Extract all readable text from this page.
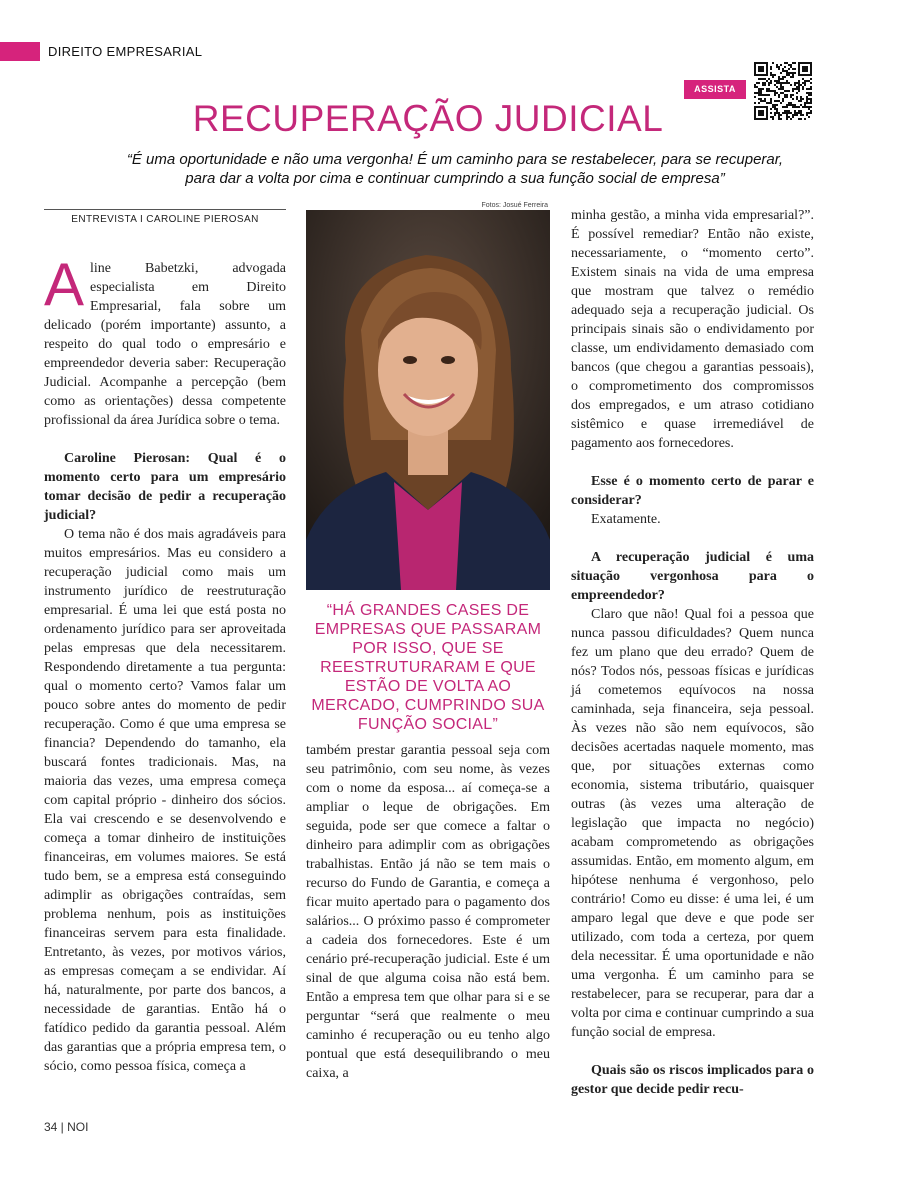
DIREITO EMPRESARIAL
ASSISTA
RECUPERAÇÃO JUDICIAL
“É uma oportunidade e não uma vergonha! É um caminho para se restabelecer, para se recuperar,
para dar a volta por cima e continuar cumprindo a sua função social de empresa”
ENTREVISTA I CAROLINE PIEROSAN
Fotos: Josué Ferreira
“HÁ GRANDES CASES DE EMPRESAS QUE PASSARAM POR ISSO, QUE SE REESTRUTURARAM E QUE ESTÃO DE VOLTA AO MERCADO, CUMPRINDO SUA FUNÇÃO SOCIAL”

Aline Babetzki, advogada especialista em Direito Empresarial, fala sobre um delicado (porém importante) assunto, a respeito do qual todo o empresário e empreendedor deveria saber: Recuperação Judicial. Acompanhe a percepção (bem como as orientações) dessa competente profissional da área Jurídica sobre o tema.

Caroline Pierosan: Qual é o momento certo para um empresário tomar decisão de pedir a recuperação judicial?

O tema não é dos mais agradáveis para muitos empresários. Mas eu considero a recuperação judicial como mais um instrumento jurídico de reestruturação empresarial. É uma lei que está posta no ordenamento jurídico para ser aproveitada pelas empresas que dela necessitarem. Respondendo diretamente a tua pergunta: qual o momento certo? Vamos falar um pouco sobre antes do momento de pedir recuperação. Como é que uma empresa se financia? Dependendo do tamanho, ela buscará fontes tradicionais. Mas, na maioria das vezes, uma empresa começa com capital próprio - dinheiro dos sócios. Ela vai crescendo e se desenvolvendo e começa a tomar dinheiro de instituições financeiras, em volumes maiores. Se está tudo bem, se a empresa está conseguindo adimplir as obrigações contraídas, sem problema nenhum, pois as instituições financeiras servem para esta finalidade. Entretanto, às vezes, por motivos vários, as empresas começam a se endividar. Aí há, naturalmente, por parte dos bancos, a necessidade de garantias. Então há o fatídico pedido da garantia pessoal. Além das garantias que a própria empresa tem, o sócio, como pessoa física, começa a

também prestar garantia pessoal seja com seu patrimônio, com seu nome, às vezes com o nome da esposa... aí começa-se a ampliar o leque de obrigações. Em seguida, pode ser que comece a faltar o dinheiro para adimplir com as obrigações trabalhistas. Então já não se tem mais o recurso do Fundo de Garantia, e começa a ficar muito apertado para o pagamento dos salários... O próximo passo é comprometer a cadeia dos fornecedores. Este é um cenário pré-recuperação judicial. Este é um sinal de que alguma coisa não está bem. Então a empresa tem que olhar para si e se perguntar “será que realmente o meu caminho é recuperação ou eu tenho algo pontual que está desequilibrando o meu caixa, a

minha gestão, a minha vida empresarial?”. É possível remediar? Então não existe, necessariamente, o “momento certo”. Existem sinais na vida de uma empresa que mostram que talvez o remédio adequado seja a recuperação judicial. Os principais sinais são o endividamento por classe, um endividamento demasiado com bancos (que chegou a garantias pessoais), o comprometimento dos compromissos dos empregados, e um atraso cotidiano sistêmico e quase irremediável de pagamento aos fornecedores.

Esse é o momento certo de parar e considerar?

Exatamente.

A recuperação judicial é uma situação vergonhosa para o empreendedor?

Claro que não! Qual foi a pessoa que nunca passou dificuldades? Quem nunca fez um plano que deu errado? Quem de nós? Todos nós, pessoas físicas e jurídicas já cometemos equívocos na nossa caminhada, seja financeira, seja pessoal. Às vezes não são nem equívocos, são decisões acertadas naquele momento, mas que, por situações externas como economia, sistema tributário, quaisquer outras (às vezes uma alteração de legislação que impacta no negócio) acabam comprometendo as obrigações assumidas. Então, em momento algum, em hipótese nenhuma é vergonhoso, pelo contrário! Como eu disse: é uma lei, é um amparo legal que deve e que pode ser utilizado, com toda a certeza, por quem dela necessitar. É uma oportunidade e não uma vergonha. É um caminho para se restabelecer, para se recuperar, para dar a volta por cima e continuar cumprindo a sua função social de empresa.

Quais são os riscos implicados para o gestor que decide pedir recu-

34 | NOI
